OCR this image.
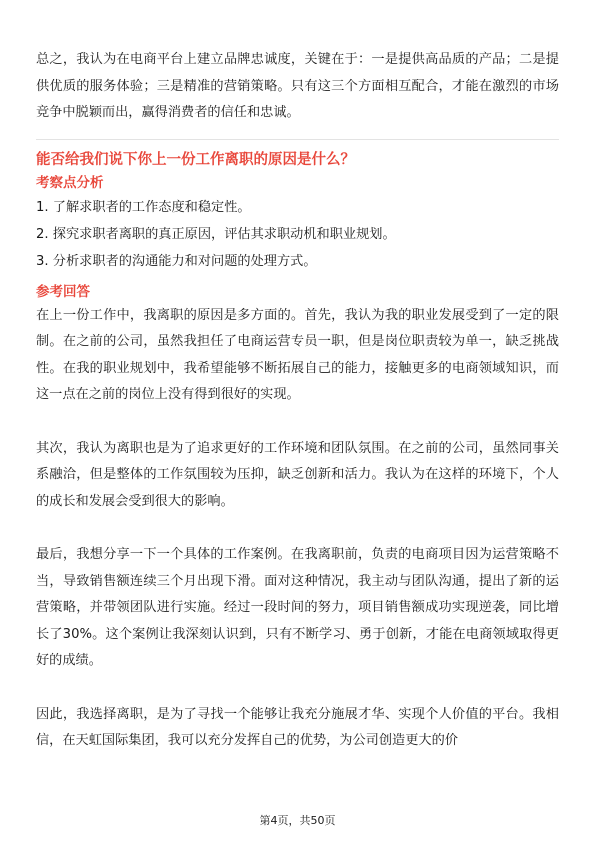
总之，我认为在电商平台上建立品牌忠诚度，关键在于：一是提供高品质的产品；二是提供优质的服务体验；三是精准的营销策略。只有这三个方面相互配合，才能在激烈的市场竞争中脱颖而出，赢得消费者的信任和忠诚。

能否给我们说下你上一份工作离职的原因是什么？

考察点分析

1. 了解求职者的工作态度和稳定性。

2. 探究求职者离职的真正原因，评估其求职动机和职业规划。

3. 分析求职者的沟通能力和对问题的处理方式。

参考回答

在上一份工作中，我离职的原因是多方面的。首先，我认为我的职业发展受到了一定的限制。在之前的公司，虽然我担任了电商运营专员一职，但是岗位职责较为单一，缺乏挑战性。在我的职业规划中，我希望能够不断拓展自己的能力，接触更多的电商领域知识，而这一点在之前的岗位上没有得到很好的实现。

其次，我认为离职也是为了追求更好的工作环境和团队氛围。在之前的公司，虽然同事关系融洽，但是整体的工作氛围较为压抑，缺乏创新和活力。我认为在这样的环境下，个人的成长和发展会受到很大的影响。

最后，我想分享一下一个具体的工作案例。在我离职前，负责的电商项目因为运营策略不当，导致销售额连续三个月出现下滑。面对这种情况，我主动与团队沟通，提出了新的运营策略，并带领团队进行实施。经过一段时间的努力，项目销售额成功实现逆袭，同比增长了30%。这个案例让我深刻认识到，只有不断学习、勇于创新，才能在电商领域取得更好的成绩。

因此，我选择离职，是为了寻找一个能够让我充分施展才华、实现个人价值的平台。我相信，在天虹国际集团，我可以充分发挥自己的优势，为公司创造更大的价

第4页，共50页
